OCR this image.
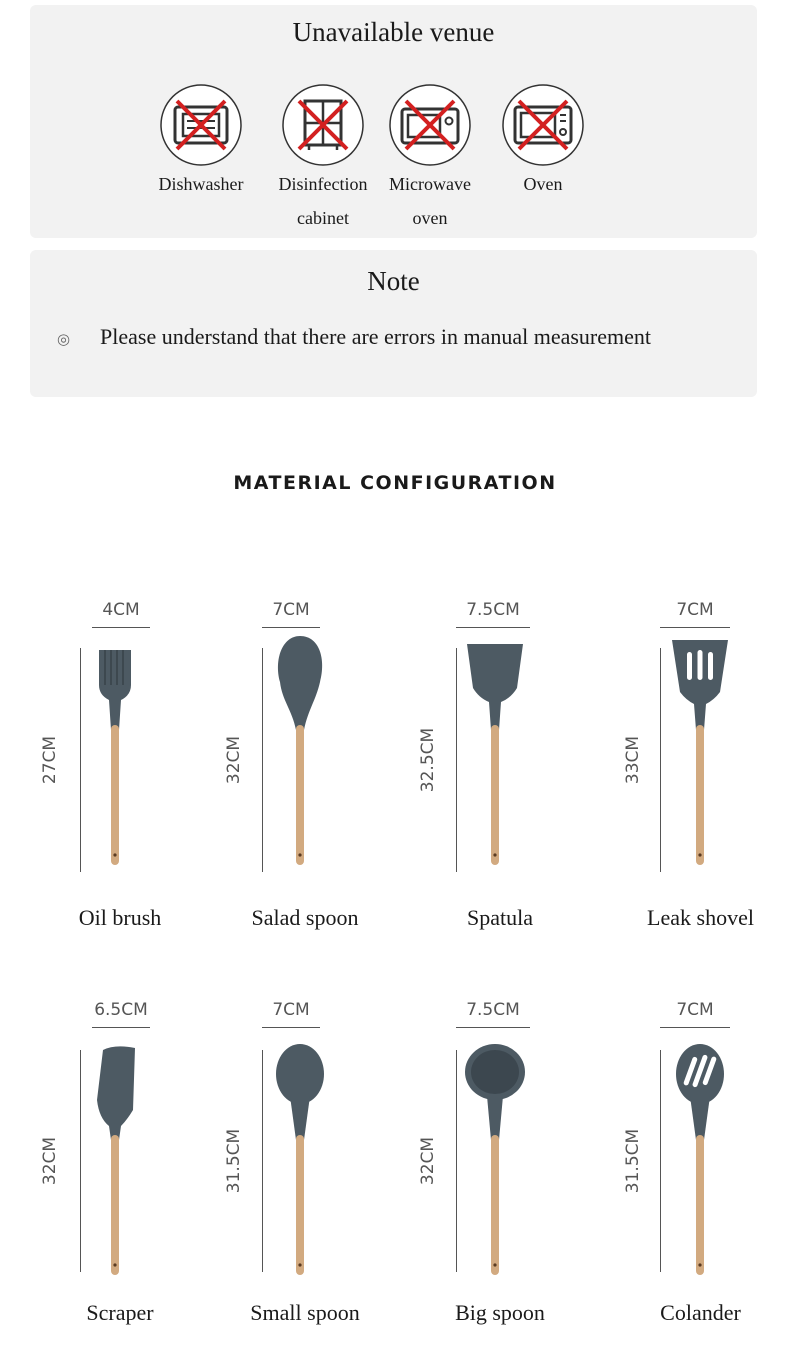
Unavailable venue
Dishwasher	Disinfection cabinet
Microwave oven
Oven
Note
◎ Please understand that there are errors in manual measurement
MATERIAL CONFIGURATION
4CM
27CM
Oil brush
7CM
32CM
Salad spoon
7.5CM
32.5CM
Spatula
7CM
33CM
Leak shovel
6.5CM
32CM
Scraper
7CM
31.5CM
Small spoon
7.5CM
32CM
Big spoon
7CM
31.5CM
Colander
